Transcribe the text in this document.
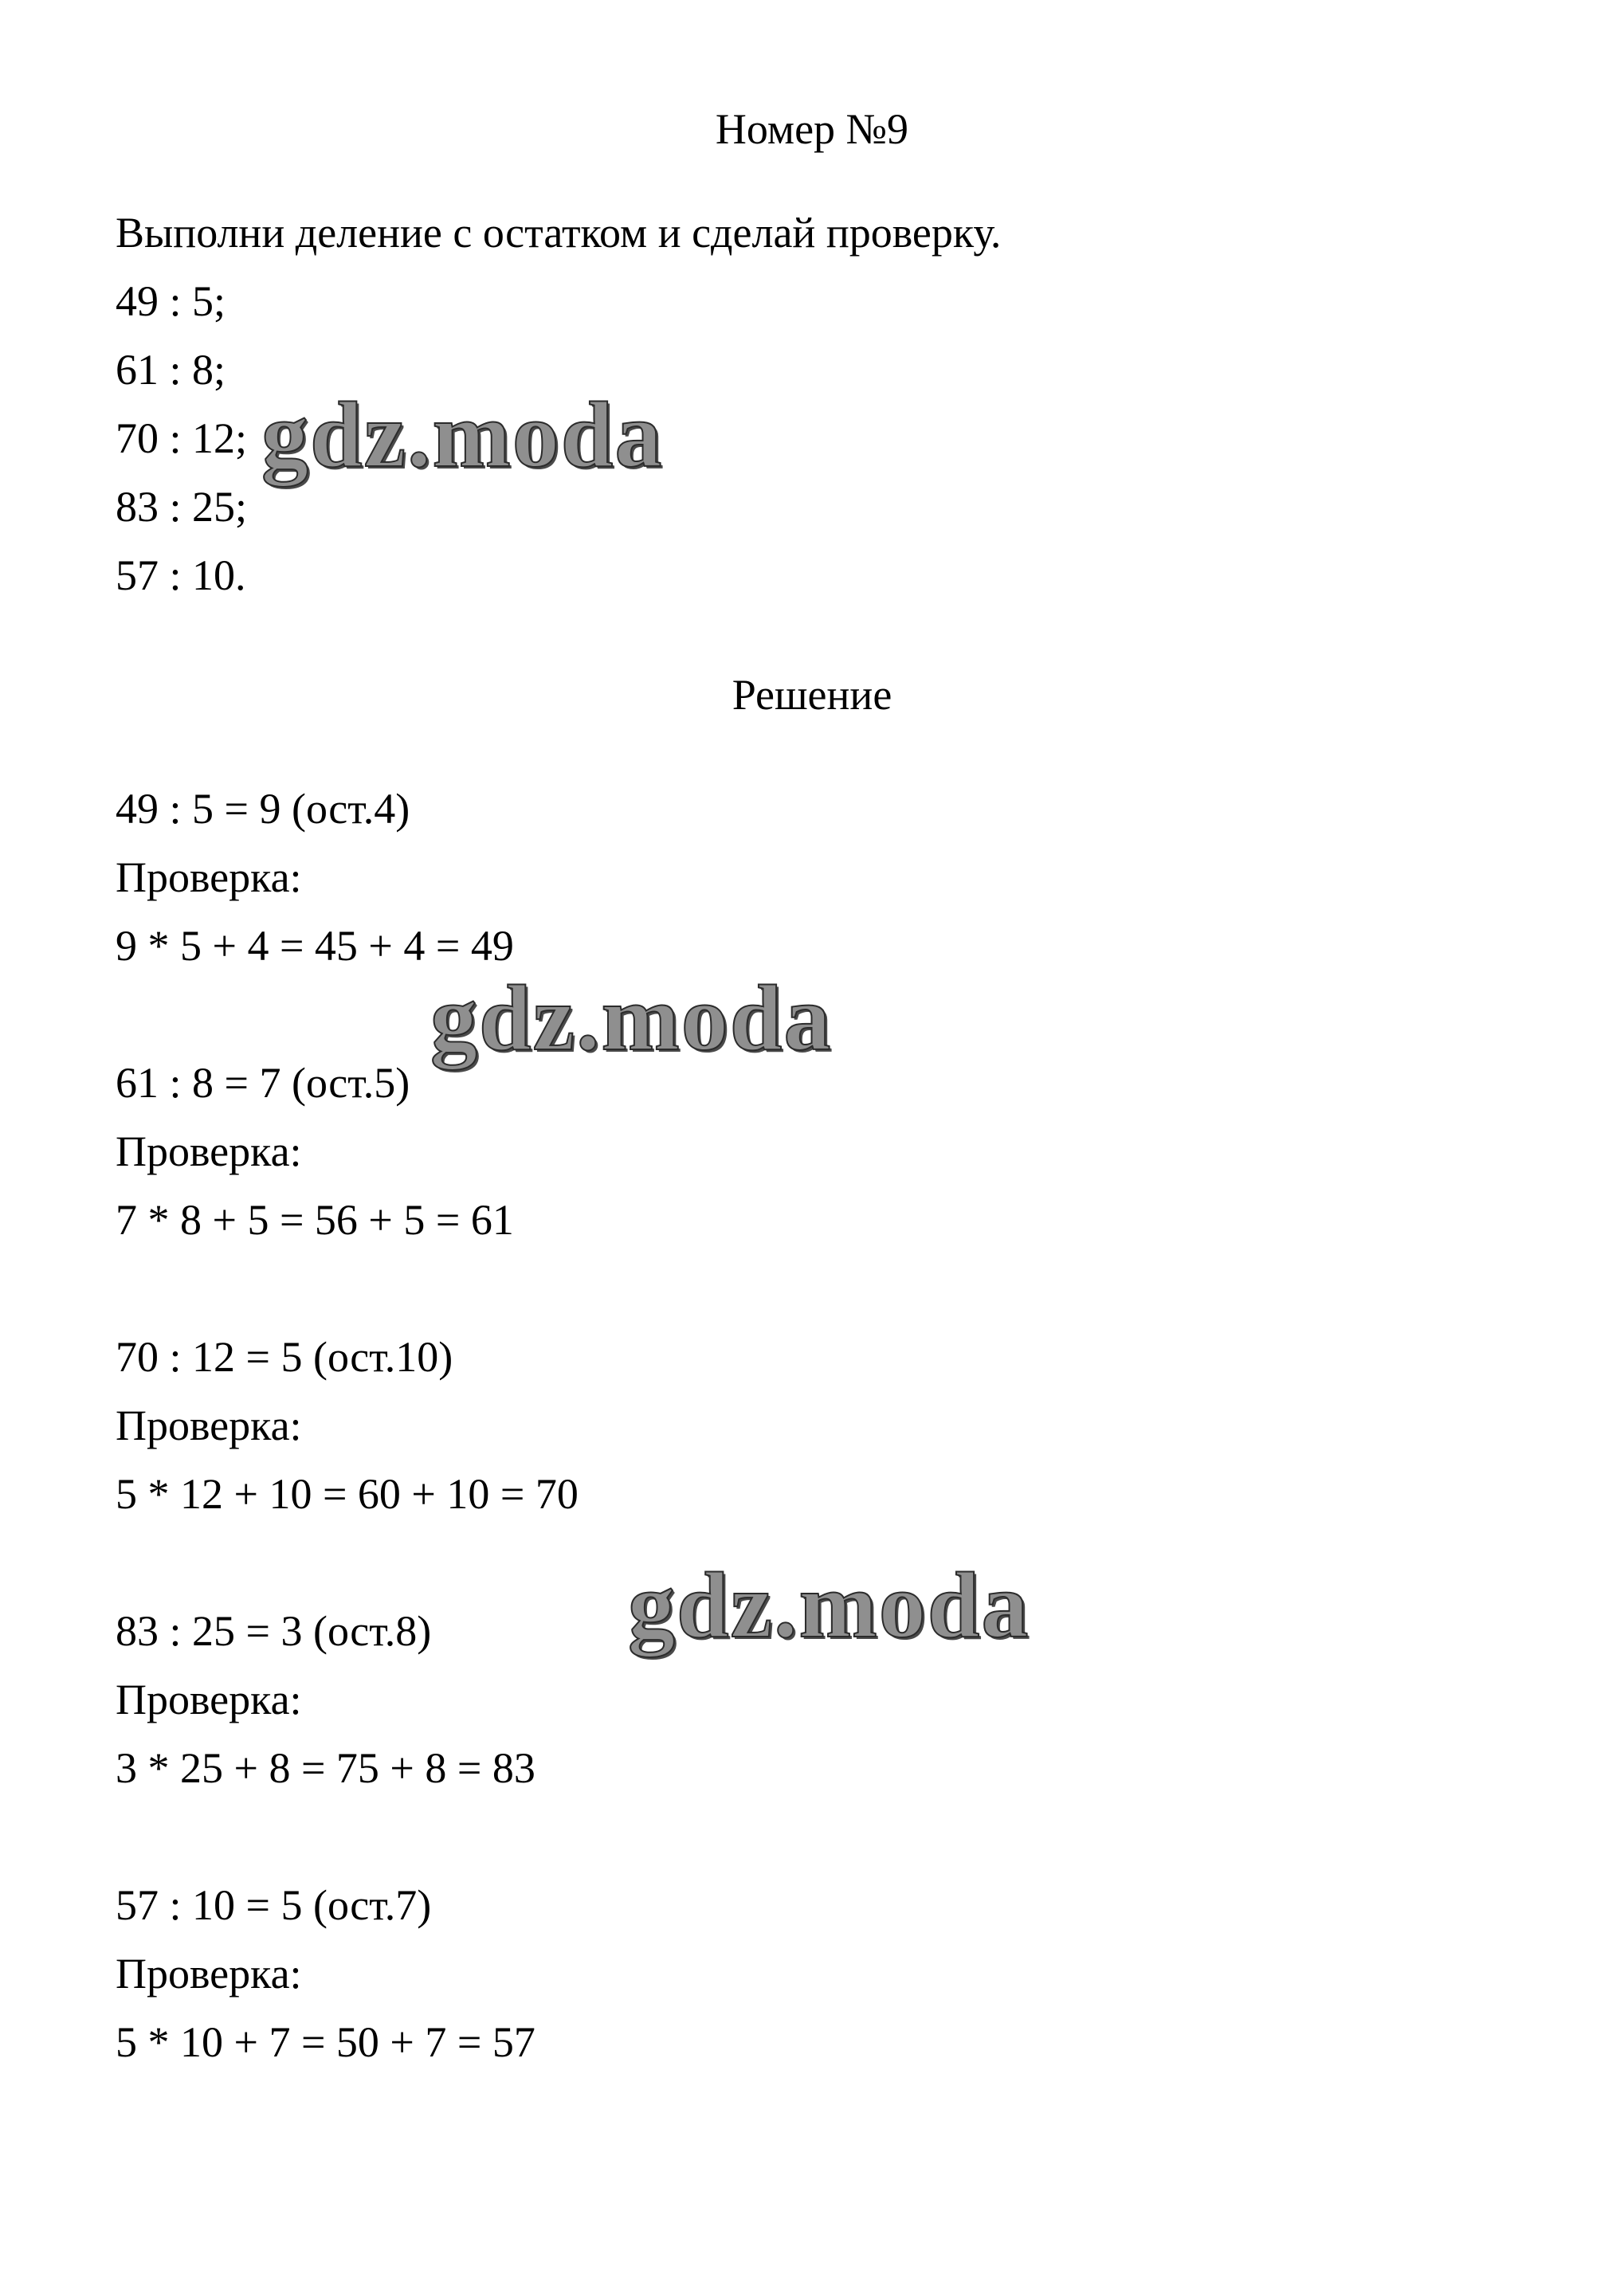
Номер №9
Выполни деление с остатком и сделай проверку.
49 : 5;
61 : 8;
70 : 12;
83 : 25;
57 : 10.
Решение
49 : 5 = 9 (ост.4)
Проверка:
9 * 5 + 4 = 45 + 4 = 49
61 : 8 = 7 (ост.5)
Проверка:
7 * 8 + 5 = 56 + 5 = 61
70 : 12 = 5 (ост.10)
Проверка:
5 * 12 + 10 = 60 + 10 = 70
83 : 25 = 3 (ост.8)
Проверка:
3 * 25 + 8 = 75 + 8 = 83
57 : 10 = 5 (ост.7)
Проверка:
5 * 10 + 7 = 50 + 7 = 57
gdz.moda
gdz.moda
gdz.moda
